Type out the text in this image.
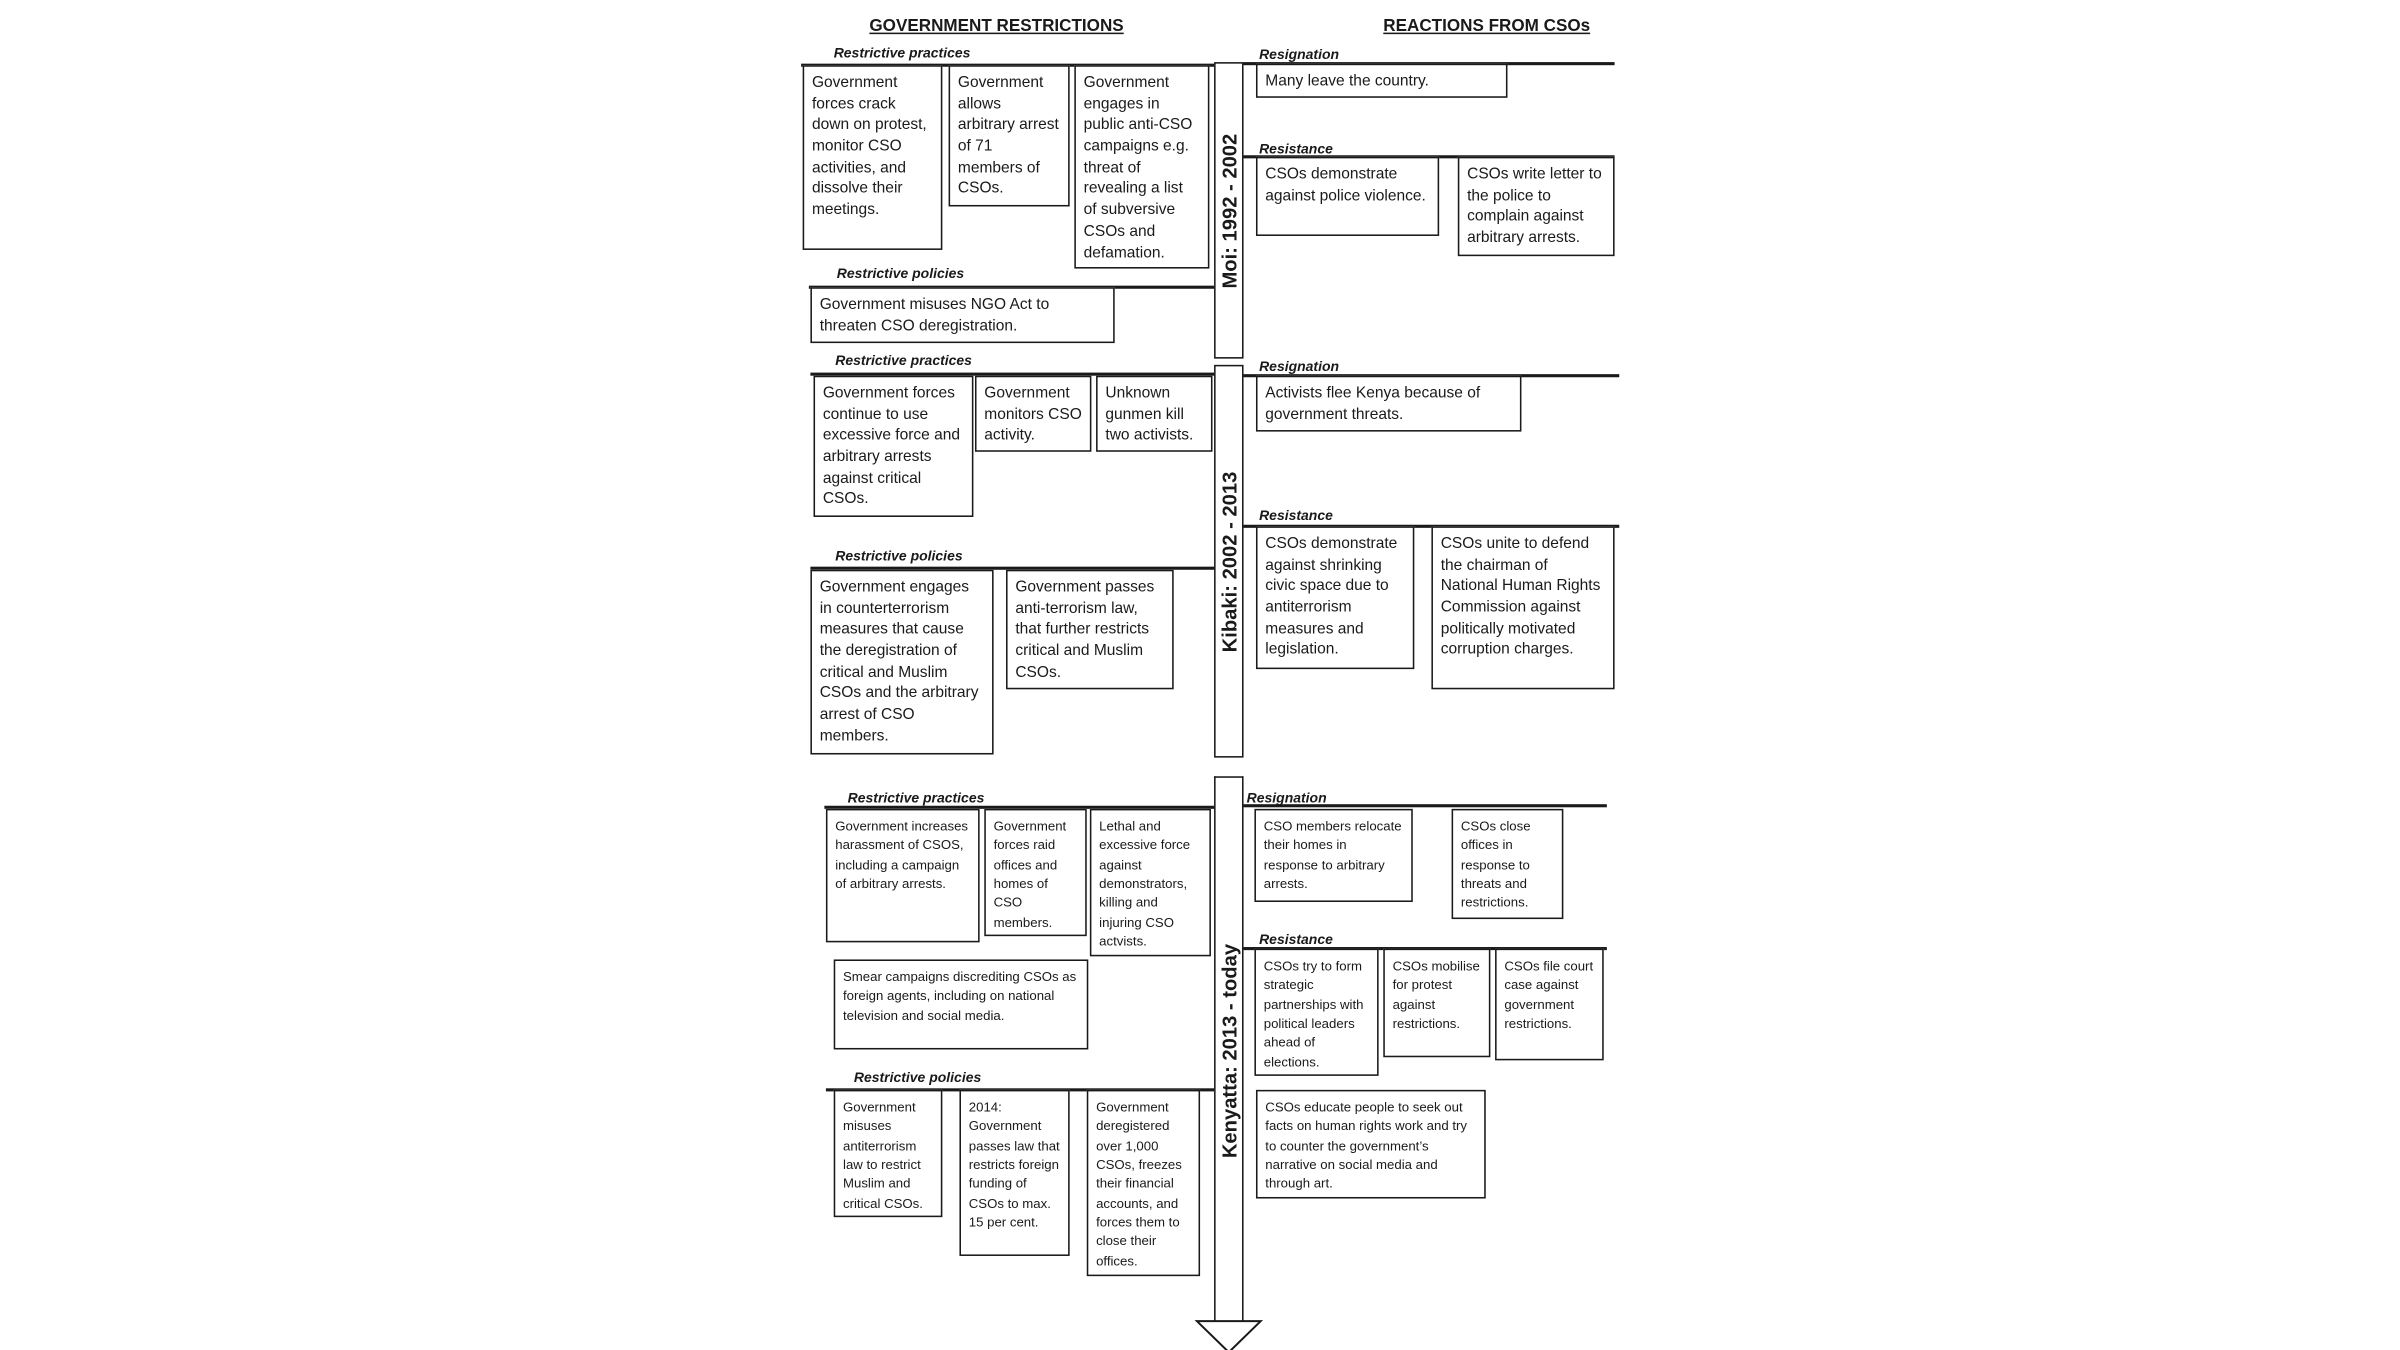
GOVERNMENT RESTRICTIONS	REACTIONS FROM CSOs
Moi: 1992 - 2002
Kibaki: 2002 - 2013
Kenyatta: 2013 - today
Restrictive practices
Government forces crack down on protest, monitor CSO activities, and dissolve their meetings.
Government allows arbitrary arrest of 71 members of CSOs.
Government engages in public anti-CSO campaigns e.g. threat of revealing a list of subversive CSOs and defamation.
Restrictive policies
Government misuses NGO Act to threaten CSO deregistration.
Resignation
Many leave the country.
Resistance
CSOs demonstrate against police violence.
CSOs write letter to the police to complain against arbitrary arrests.
Restrictive practices
Government forces continue to use excessive force and arbitrary arrests against critical CSOs.
Government monitors CSO activity.
Unknown gunmen kill two activists.
Restrictive policies
Government engages in counterterrorism measures that cause the deregistration of critical and Muslim CSOs and the arbitrary arrest of CSO members.
Government passes anti-terrorism law, that further restricts critical and Muslim CSOs.
Resignation
Activists flee Kenya because of government threats.
Resistance
CSOs demonstrate against shrinking civic space due to antiterrorism measures and legislation.
CSOs unite to defend the chairman of National Human Rights Commission against politically motivated corruption charges.
Restrictive practices
Government increases harassment of CSOS, including a campaign of arbitrary arrests.
Government forces raid offices and homes of CSO members.
Lethal and excessive force against demonstrators, killing and injuring CSO actvists.
Smear campaigns discrediting CSOs as foreign agents, including on national television and social media.
Restrictive policies
Government misuses antiterrorism law to restrict Muslim and critical CSOs.
2014: Government passes law that restricts foreign funding of CSOs to max. 15 per cent.
Government deregistered over 1,000 CSOs, freezes their financial accounts, and forces them to close their offices.
Resignation
CSO members relocate their homes in response to arbitrary arrests.
CSOs close offices in response to threats and restrictions.
Resistance
CSOs try to form strategic partnerships with political leaders ahead of elections.
CSOs mobilise for protest against restrictions.
CSOs file court case against government restrictions.
CSOs educate people to seek out facts on human rights work and try to counter the government’s narrative on social media and through art.
